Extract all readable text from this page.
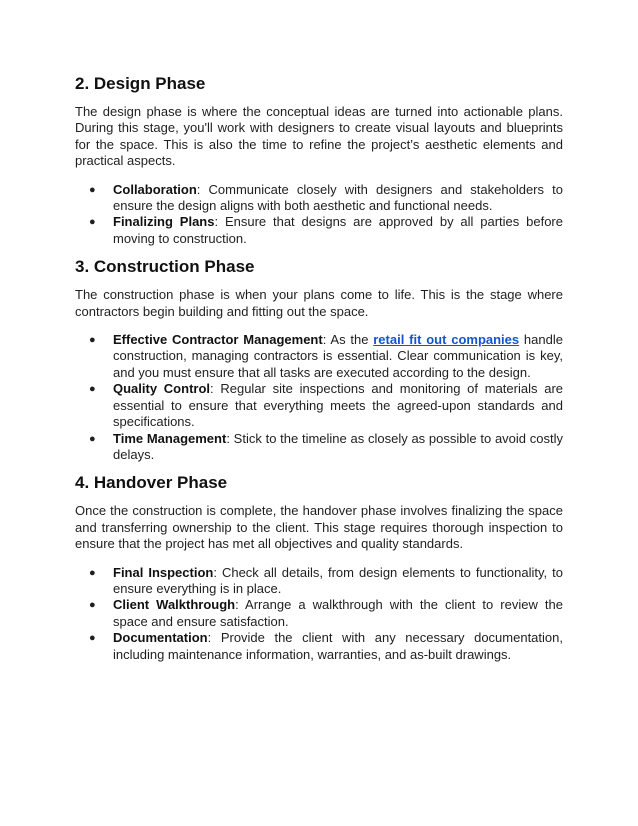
2. Design Phase

The design phase is where the conceptual ideas are turned into actionable plans. During this stage, you'll work with designers to create visual layouts and blueprints for the space. This is also the time to refine the project’s aesthetic elements and practical aspects.

● Collaboration: Communicate closely with designers and stakeholders to ensure the design aligns with both aesthetic and functional needs.
● Finalizing Plans: Ensure that designs are approved by all parties before moving to construction.
3. Construction Phase

The construction phase is when your plans come to life. This is the stage where contractors begin building and fitting out the space.

● Effective Contractor Management: As the retail fit out companies handle construction, managing contractors is essential. Clear communication is key, and you must ensure that all tasks are executed according to the design.
● Quality Control: Regular site inspections and monitoring of materials are essential to ensure that everything meets the agreed-upon standards and specifications.
● Time Management: Stick to the timeline as closely as possible to avoid costly delays.
4. Handover Phase

Once the construction is complete, the handover phase involves finalizing the space and transferring ownership to the client. This stage requires thorough inspection to ensure that the project has met all objectives and quality standards.

● Final Inspection: Check all details, from design elements to functionality, to ensure everything is in place.
● Client Walkthrough: Arrange a walkthrough with the client to review the space and ensure satisfaction.
● Documentation: Provide the client with any necessary documentation, including maintenance information, warranties, and as-built drawings.
